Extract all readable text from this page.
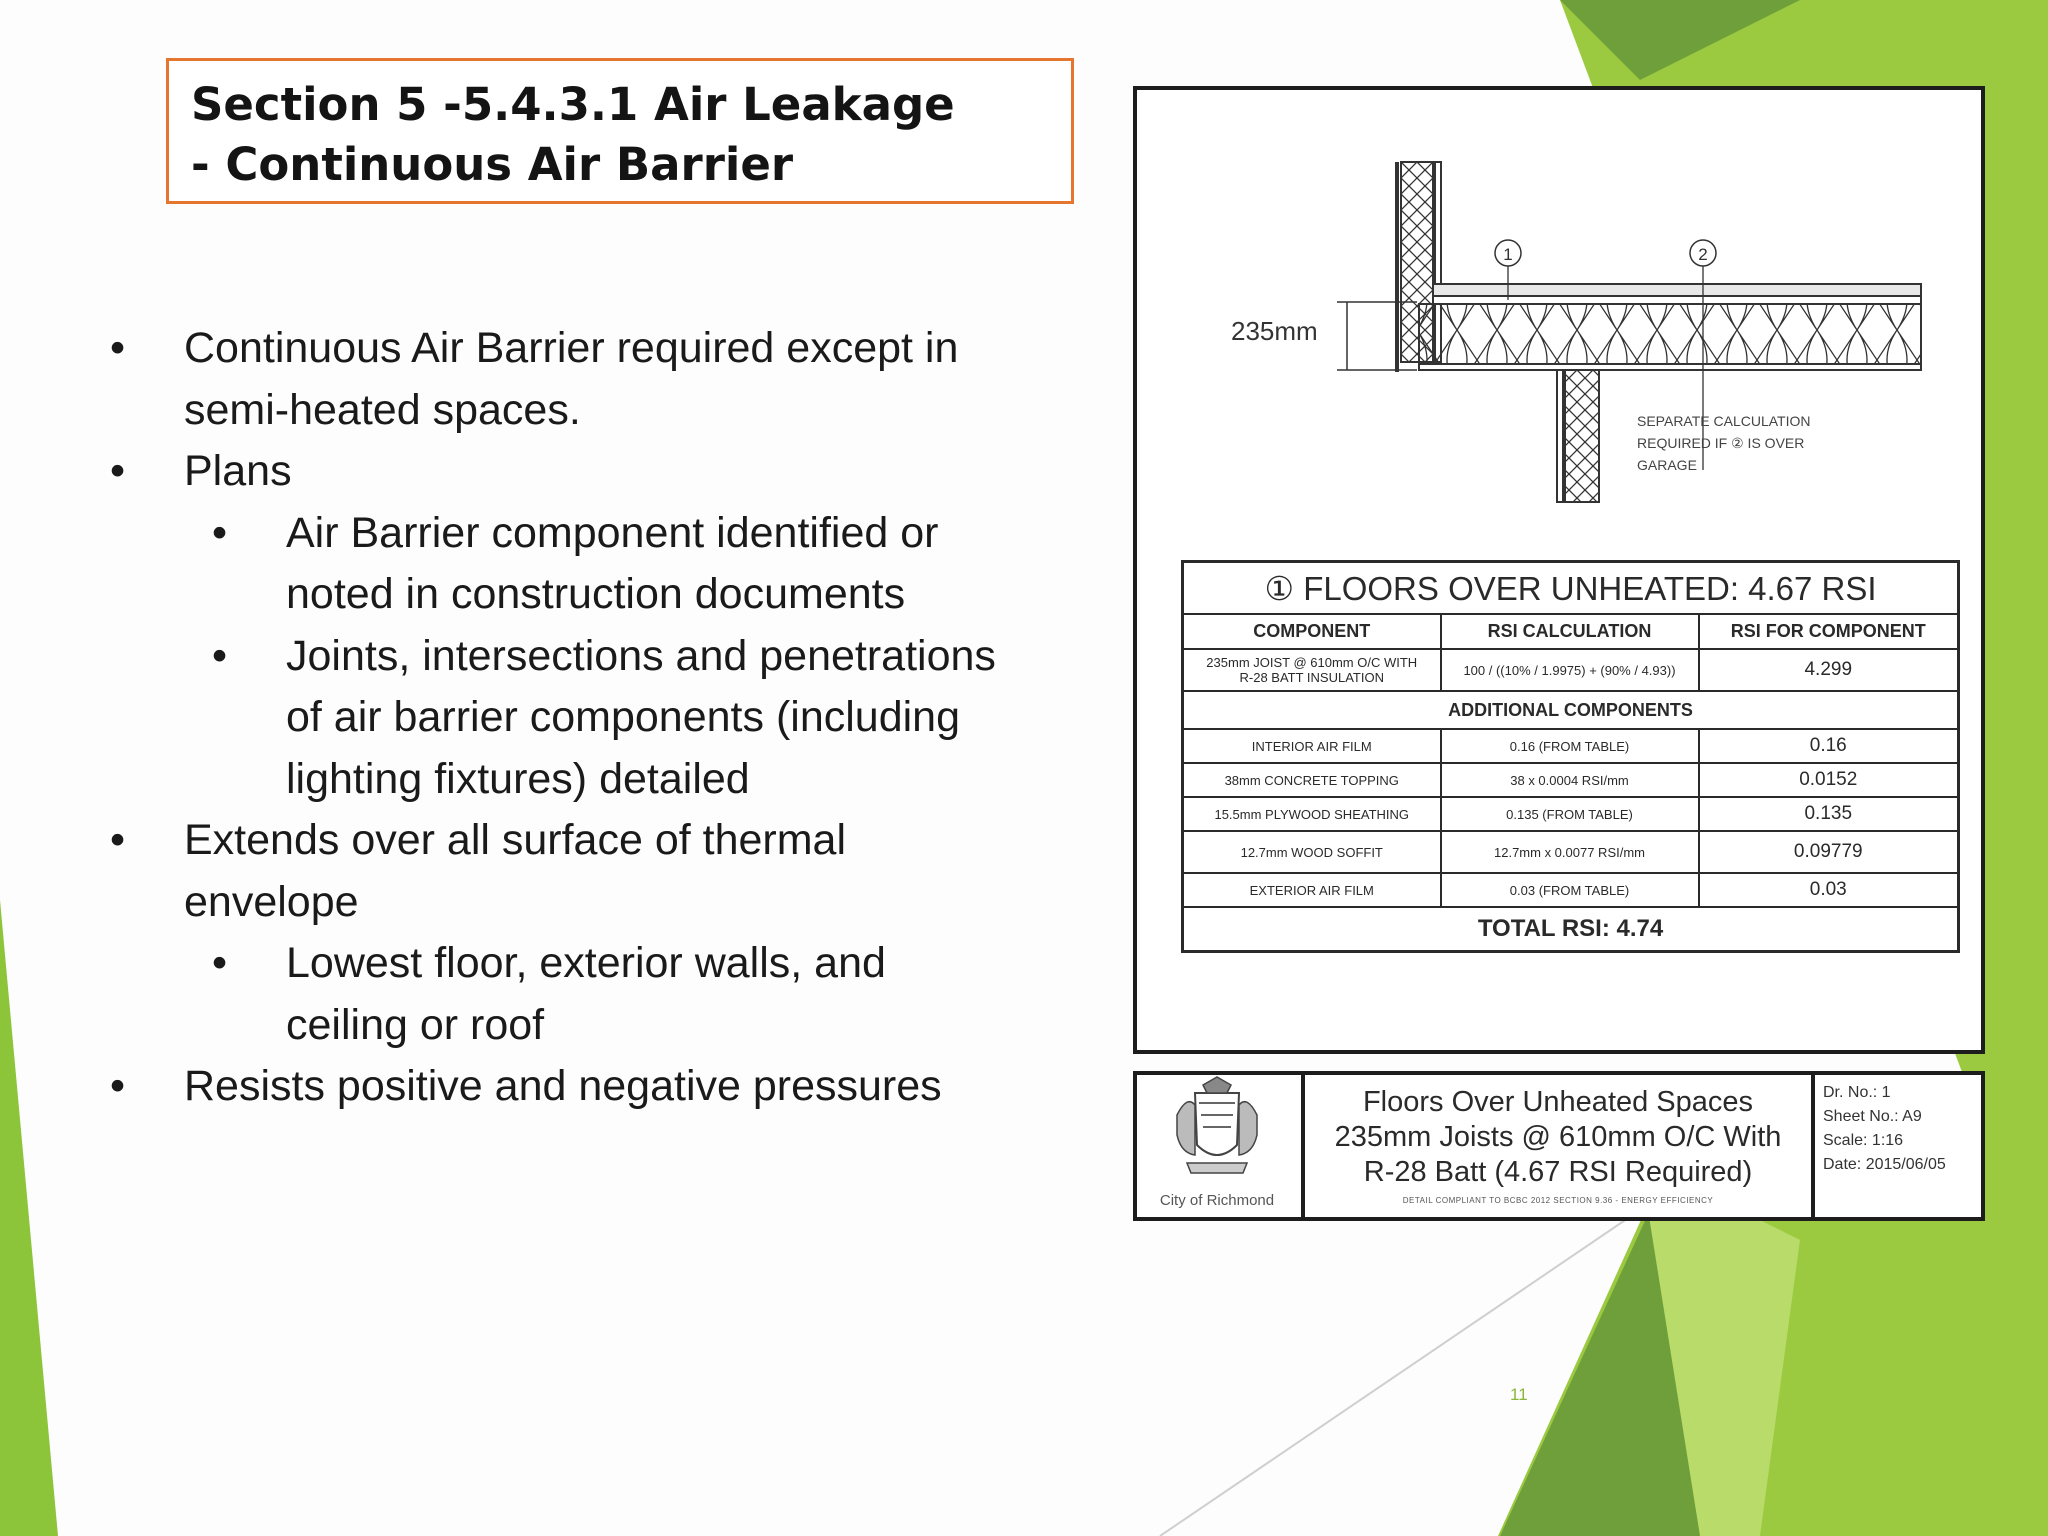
Section 5 -5.4.3.1 Air Leakage
- Continuous Air Barrier
• Continuous Air Barrier required except in
semi-heated spaces.
• Plans
• Air Barrier component identified or
noted in construction documents
• Joints, intersections and penetrations
of air barrier components (including
lighting fixtures) detailed
• Extends over all surface of thermal
envelope
• Lowest floor, exterior walls, and
ceiling or roof
• Resists positive and negative pressures
235mm
1	2
SEPARATE CALCULATION
REQUIRED IF ② IS OVER
GARAGE
① FLOORS OVER UNHEATED: 4.67 RSI		
COMPONENT	RSI CALCULATION	RSI FOR COMPONENT

235mm JOIST @ 610mm O/C WITH
R-28 BATT INSULATION	100 / ((10% / 1.9975) + (90% / 4.93))	4.299
ADDITIONAL COMPONENTS		
INTERIOR AIR FILM	0.16 (FROM TABLE)	0.16
38mm CONCRETE TOPPING	38 x 0.0004 RSI/mm	0.0152
15.5mm PLYWOOD SHEATHING	0.135 (FROM TABLE)	0.135
12.7mm WOOD SOFFIT	12.7mm x 0.0077 RSI/mm	0.09779
EXTERIOR AIR FILM	0.03 (FROM TABLE)	0.03
TOTAL RSI: 4.74		
City of Richmond
Floors Over Unheated Spaces
235mm Joists @ 610mm O/C With
R-28 Batt (4.67 RSI Required)
DETAIL COMPLIANT TO BCBC 2012 SECTION 9.36 - ENERGY EFFICIENCY
Dr. No.: 1
Sheet No.: A9
Scale: 1:16
Date: 2015/06/05
11
